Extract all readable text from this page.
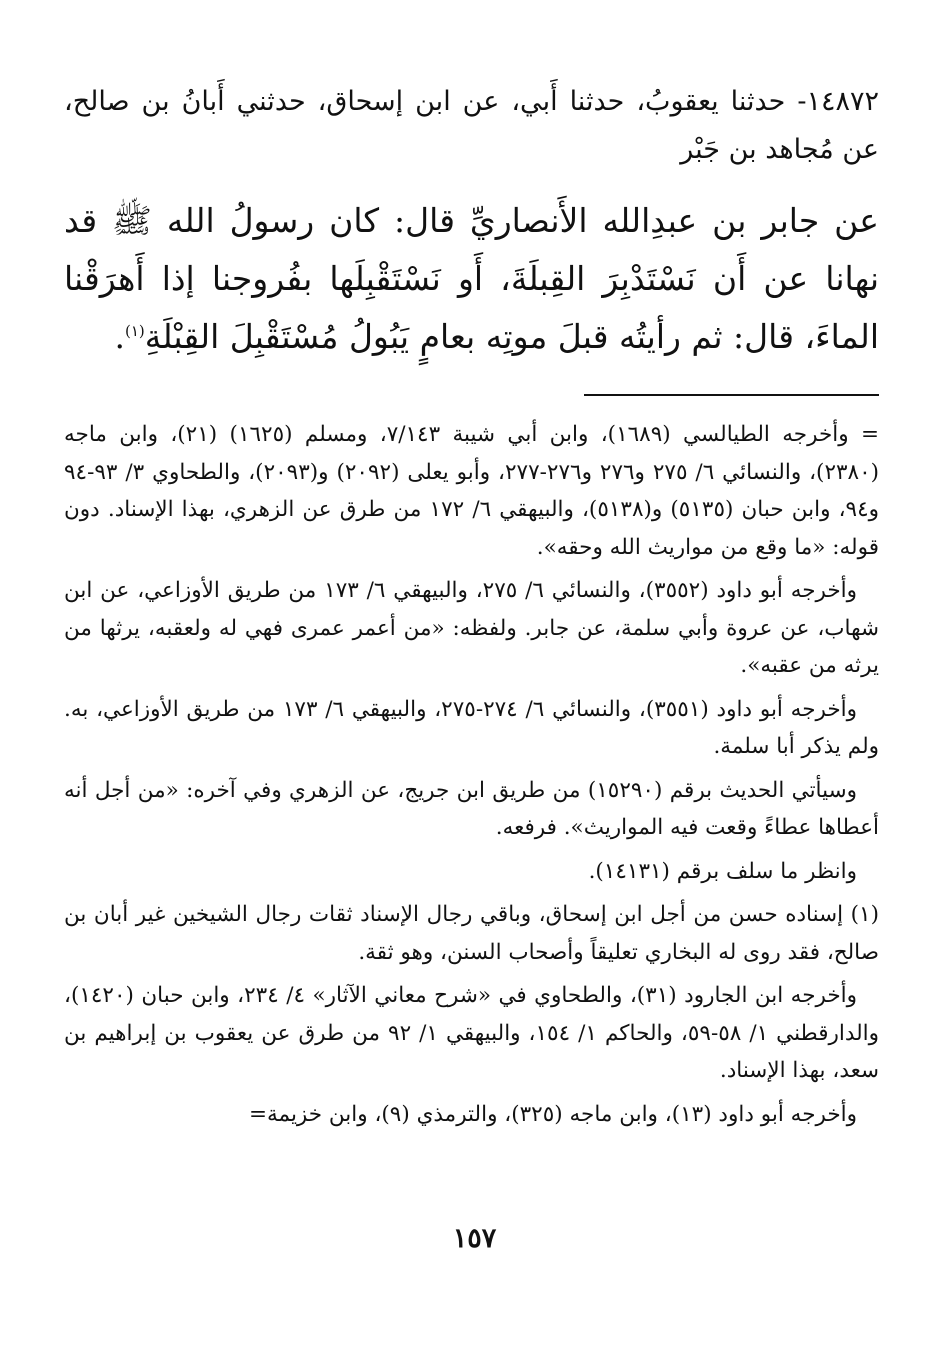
١٤٨٧٢- حدثنا يعقوبُ، حدثنا أَبي، عن ابن إسحاق، حدثني أَبانُ بن صالح، عن مُجاهد بن جَبْر

عن جابر بن عبدِالله الأَنصاريِّ قال: كان رسولُ الله ﷺ قد نهانا عن أَن نَسْتَدْبِرَ القِبلَةَ، أَو نَسْتَقْبِلَها بفُروجنا إذا أَهرَقْنا الماءَ، قال: ثم رأيتُه قبلَ موتِه بعامٍ يَبُولُ مُسْتَقْبِلَ القِبْلَةِ$^{(١)}$.

= وأخرجه الطيالسي (١٦٨٩)، وابن أبي شيبة ٧/١٤٣، ومسلم (١٦٢٥) (٢١)، وابن ماجه (٢٣٨٠)، والنسائي ٦/ ٢٧٥ و٢٧٦ و٢٧٦-٢٧٧، وأبو يعلى (٢٠٩٢) و(٢٠٩٣)، والطحاوي ٣/ ٩٣-٩٤ و٩٤، وابن حبان (٥١٣٥) و(٥١٣٨)، والبيهقي ٦/ ١٧٢ من طرق عن الزهري، بهذا الإسناد. دون قوله: «ما وقع من مواريث الله وحقه».

وأخرجه أبو داود (٣٥٥٢)، والنسائي ٦/ ٢٧٥، والبيهقي ٦/ ١٧٣ من طريق الأوزاعي، عن ابن شهاب، عن عروة وأبي سلمة، عن جابر. ولفظه: «من أعمر عمرى فهي له ولعقبه، يرثها من يرثه من عقبه».

وأخرجه أبو داود (٣٥٥١)، والنسائي ٦/ ٢٧٤-٢٧٥، والبيهقي ٦/ ١٧٣ من طريق الأوزاعي، به. ولم يذكر أبا سلمة.

وسيأتي الحديث برقم (١٥٢٩٠) من طريق ابن جريج، عن الزهري وفي آخره: «من أجل أنه أعطاها عطاءً وقعت فيه المواريث». فرفعه.

وانظر ما سلف برقم (١٤١٣١).

(١) إسناده حسن من أجل ابن إسحاق، وباقي رجال الإسناد ثقات رجال الشيخين غير أبان بن صالح، فقد روى له البخاري تعليقاً وأصحاب السنن، وهو ثقة.

وأخرجه ابن الجارود (٣١)، والطحاوي في «شرح معاني الآثار» ٤/ ٢٣٤، وابن حبان (١٤٢٠)، والدارقطني ١/ ٥٨-٥٩، والحاكم ١/ ١٥٤، والبيهقي ١/ ٩٢ من طرق عن يعقوب بن إبراهيم بن سعد، بهذا الإسناد.

وأخرجه أبو داود (١٣)، وابن ماجه (٣٢٥)، والترمذي (٩)، وابن خزيمة=

١٥٧
